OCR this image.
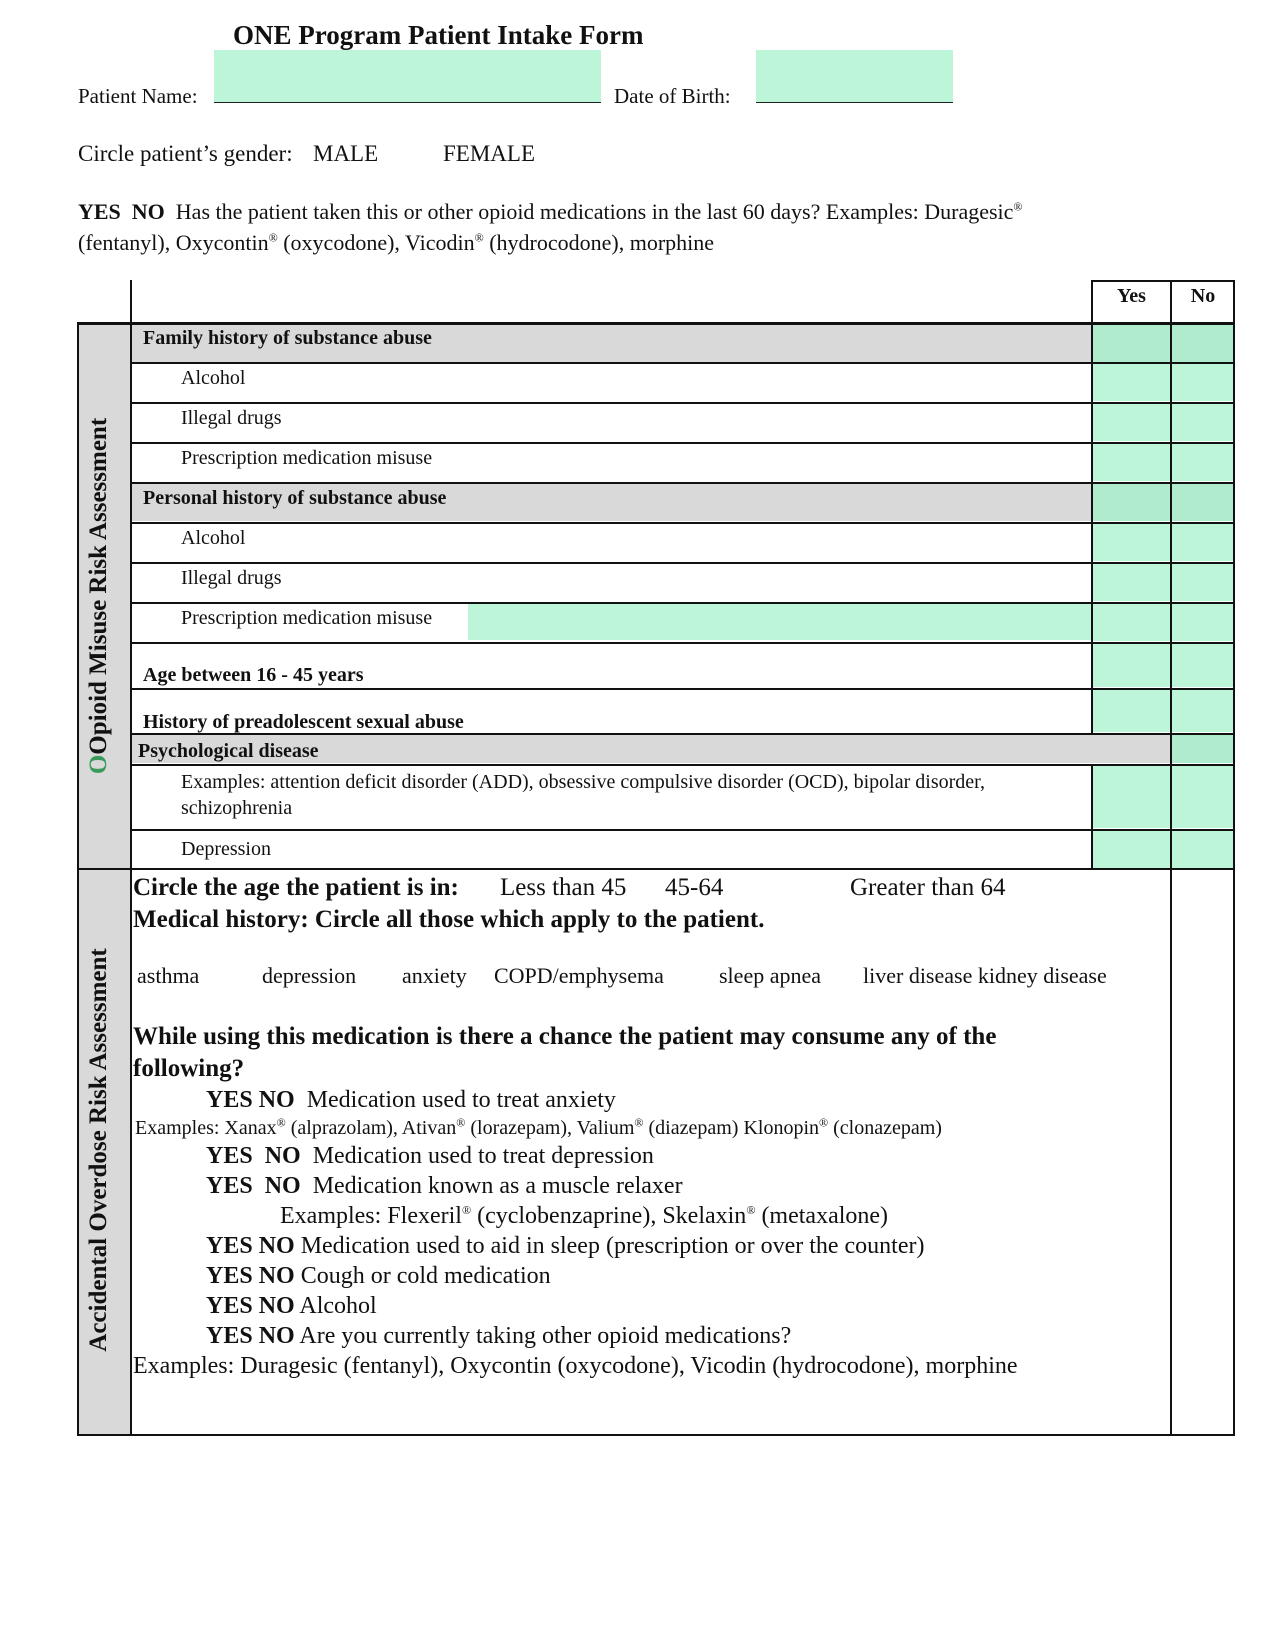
ONE Program Patient Intake Form
Patient Name:	Date of Birth:
Circle patient’s gender: MALE	FEMALE
YES NO Has the patient taken this or other opioid medications in the last 60 days? Examples: Duragesic®
(fentanyl), Oxycontin® (oxycodone), Vicodin® (hydrocodone), morphine
Yes	No
OOpioid Misuse Risk Assessment
Accidental Overdose Risk Assessment
Family history of substance abuse
Alcohol
Illegal drugs
Prescription medication misuse
Personal history of substance abuse
Alcohol
Illegal drugs
Prescription medication misuse
Age between 16 - 45 years
History of preadolescent sexual abuse
Psychological disease
Examples: attention deficit disorder (ADD), obsessive compulsive disorder (OCD), bipolar disorder,
schizophrenia
Depression
Circle the age the patient is in: Less than 45 45-64	Greater than 64
Medical history: Circle all those which apply to the patient.
asthma	depression anxiety COPD/emphysema	sleep apnea liver disease kidney disease
While using this medication is there a chance the patient may consume any of the
following?
YES NO Medication used to treat anxiety
Examples: Xanax® (alprazolam), Ativan® (lorazepam), Valium® (diazepam) Klonopin® (clonazepam)
YES NO Medication used to treat depression
YES NO Medication known as a muscle relaxer
Examples: Flexeril® (cyclobenzaprine), Skelaxin® (metaxalone)
YES NO Medication used to aid in sleep (prescription or over the counter)
YES NO Cough or cold medication
YES NO Alcohol
YES NO Are you currently taking other opioid medications?
Examples: Duragesic (fentanyl), Oxycontin (oxycodone), Vicodin (hydrocodone), morphine
